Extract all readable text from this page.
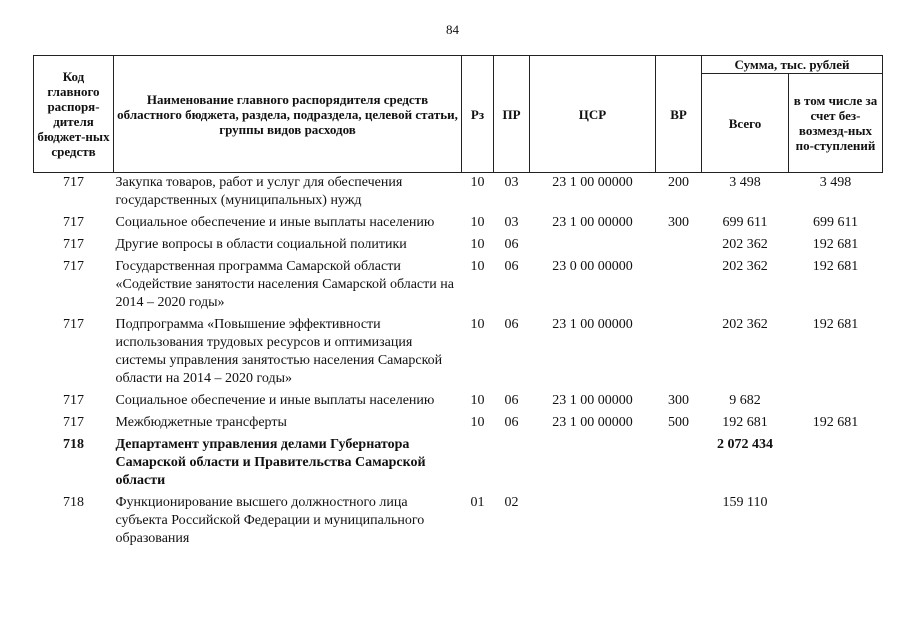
84
Код главного распоря-дителя бюджет-ных средств	Наименование главного распорядителя средств областного бюджета, раздела, подраздела, целевой статьи, группы видов расходов	Рз	ПР	ЦСР	ВР	Сумма, тыс. рублей	
						Всего	в том числе за счет без-возмезд-ных по-ступлений
717	Закупка товаров, работ и услуг для обеспечения государственных (муниципальных) нужд	10	03	23 1 00 00000	200	3 498	3 498
717	Социальное обеспечение и иные выплаты населению	10	03	23 1 00 00000	300	699 611	699 611
717	Другие вопросы в области социальной политики	10	06			202 362	192 681
717	Государственная программа Самарской области «Содействие занятости населения Самарской области на 2014 – 2020 годы»	10	06	23 0 00 00000		202 362	192 681
717	Подпрограмма «Повышение эффективности использования трудовых ресурсов и оптимизация системы управления занятостью населения Самарской области на 2014 – 2020 годы»	10	06	23 1 00 00000		202 362	192 681
717	Социальное обеспечение и иные выплаты населению	10	06	23 1 00 00000	300	9 682	
717	Межбюджетные трансферты	10	06	23 1 00 00000	500	192 681	192 681
718	Департамент управления делами Губернатора Самарской области и Правительства Самарской области					2 072 434	
718	Функционирование высшего должностного лица субъекта Российской Федерации и муниципального образования	01	02			159 110	
